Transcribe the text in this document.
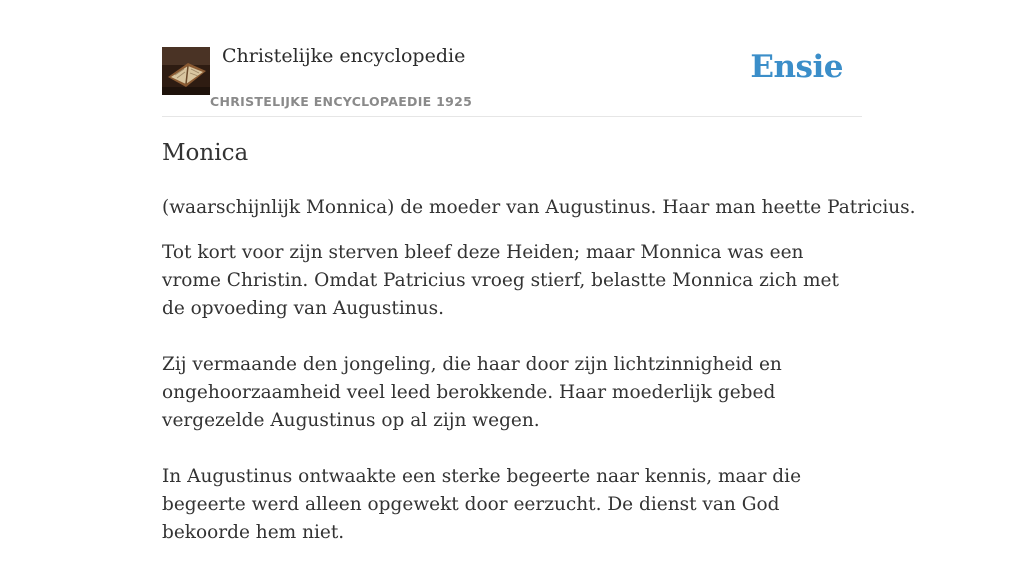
Christelijke encyclopedie
CHRISTELIJKE ENCYCLOPAEDIE 1925
Ensie
Monica

(waarschijnlijk Monnica) de moeder van Augustinus. Haar man heette Patricius.

Tot kort voor zijn sterven bleef deze Heiden; maar Monnica was een vrome Christin. Omdat Patricius vroeg stierf, belastte Monnica zich met de opvoeding van Augustinus.

Zij vermaande den jongeling, die haar door zijn lichtzinnigheid en ongehoorzaamheid veel leed berokkende. Haar moederlijk gebed vergezelde Augustinus op al zijn wegen.

In Augustinus ontwaakte een sterke begeerte naar kennis, maar die begeerte werd alleen opgewekt door eerzucht. De dienst van God bekoorde hem niet.
